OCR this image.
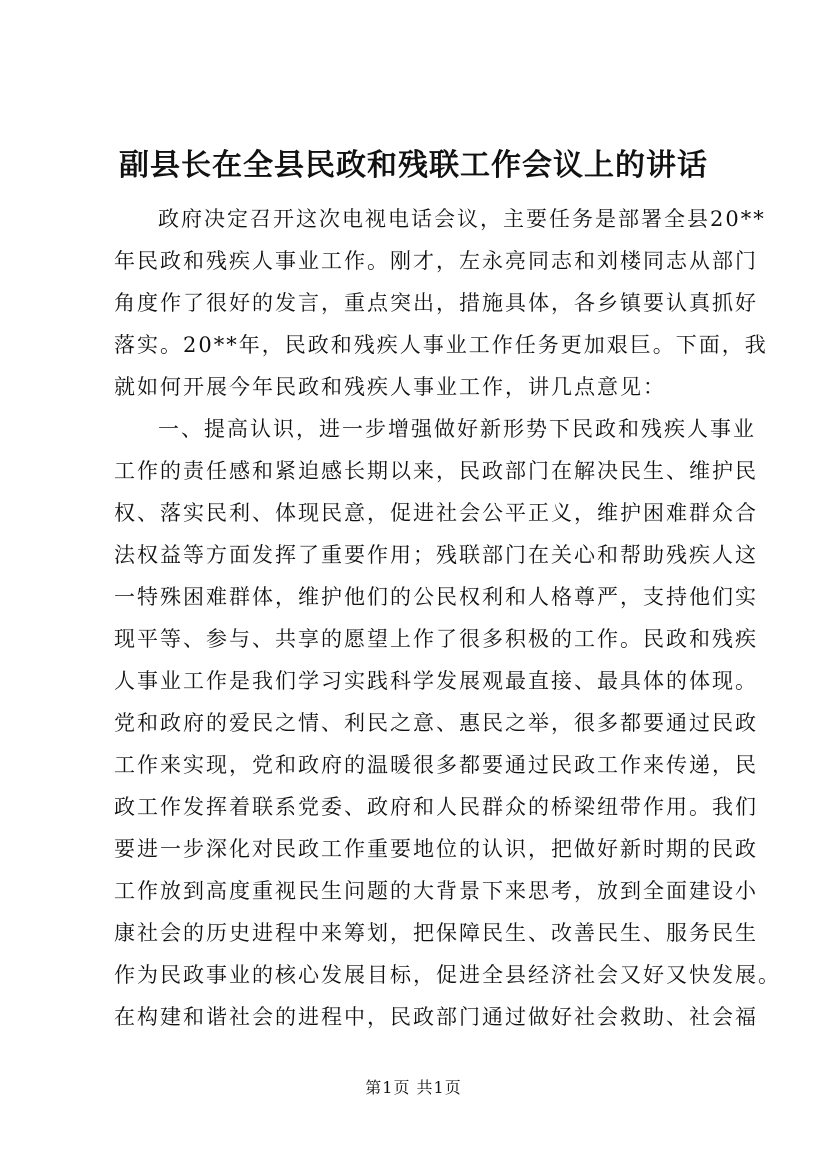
副县长在全县民政和残联工作会议上的讲话
政府决定召开这次电视电话会议，主要任务是部署全县20**
年民政和残疾人事业工作。刚才，左永亮同志和刘楼同志从部门
角度作了很好的发言，重点突出，措施具体，各乡镇要认真抓好
落实。20**年，民政和残疾人事业工作任务更加艰巨。下面，我
就如何开展今年民政和残疾人事业工作，讲几点意见：
一、提高认识，进一步增强做好新形势下民政和残疾人事业
工作的责任感和紧迫感长期以来，民政部门在解决民生、维护民
权、落实民利、体现民意，促进社会公平正义，维护困难群众合
法权益等方面发挥了重要作用；残联部门在关心和帮助残疾人这
一特殊困难群体，维护他们的公民权利和人格尊严，支持他们实
现平等、参与、共享的愿望上作了很多积极的工作。民政和残疾
人事业工作是我们学习实践科学发展观最直接、最具体的体现。
党和政府的爱民之情、利民之意、惠民之举，很多都要通过民政
工作来实现，党和政府的温暖很多都要通过民政工作来传递，民
政工作发挥着联系党委、政府和人民群众的桥梁纽带作用。我们
要进一步深化对民政工作重要地位的认识，把做好新时期的民政
工作放到高度重视民生问题的大背景下来思考，放到全面建设小
康社会的历史进程中来筹划，把保障民生、改善民生、服务民生
作为民政事业的核心发展目标，促进全县经济社会又好又快发展。
在构建和谐社会的进程中，民政部门通过做好社会救助、社会福
第1页 共1页
